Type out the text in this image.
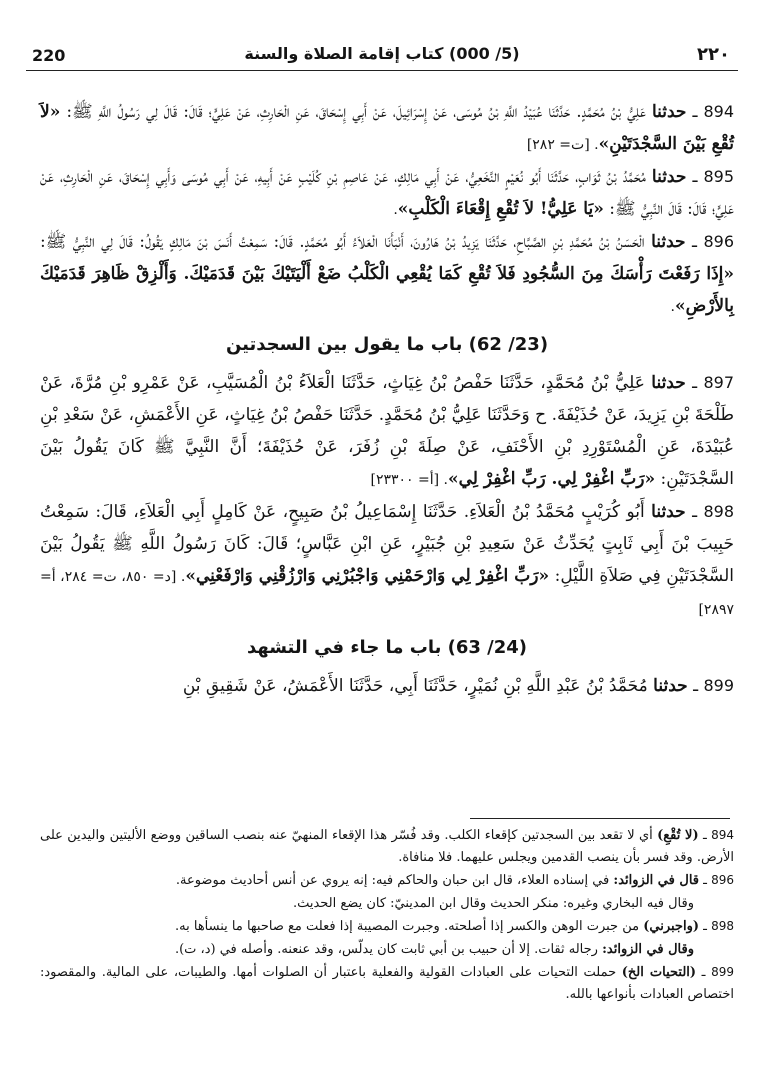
220	(5/ 000) كتاب إقامة الصلاة والسنة	٢٢٠

894 ـ حدثنا عَلِيُّ بْنُ مُحَمَّدٍ. حَدَّثَنَا عُبَيْدُ اللَّهِ بْنُ مُوسَى، عَنْ إِسْرَائِيلَ، عَنْ أَبِي إِسْحَاقَ، عَنِ الْحَارِثِ، عَنْ عَلِيٍّ؛ قَالَ: قَالَ لِي رَسُولُ اللَّهِ ﷺ: «لاَ تُقْعِ بَيْنَ السَّجْدَتَيْنِ». [ت= ٢٨٢]

895 ـ حدثنا مُحَمَّدُ بْنُ ثَوَابٍ، حَدَّثَنَا أَبُو نُعَيْمٍ النَّخَعِيُّ، عَنْ أَبِي مَالِكٍ، عَنْ عَاصِمِ بْنِ كُلَيْبٍ عَنْ أَبِيهِ، عَنْ أَبِي مُوسَى وَأَبِي إِسْحَاقَ، عَنِ الْحَارِثِ، عَنْ عَلِيٍّ؛ قَالَ: قَالَ النَّبِيُّ ﷺ: «يَا عَلِيُّ! لاَ تُقْعِ إِقْعَاءَ الْكَلْبِ».

896 ـ حدثنا الْحَسَنُ بْنُ مُحَمَّدِ بْنِ الصَّبَّاحِ، حَدَّثَنَا يَزِيدُ بْنُ هَارُونَ، أَنْبَأَنَا الْعَلاَءُ أَبُو مُحَمَّدٍ. قَالَ: سَمِعْتُ أَنَسَ بْنَ مَالِكٍ يَقُولُ: قَالَ لِي النَّبِيُّ ﷺ: «إِذَا رَفَعْتَ رَأْسَكَ مِنَ السُّجُودِ فَلاَ تُقْعِ كَمَا يُقْعِي الْكَلْبُ ضَعْ أَلْيَتَيْكَ بَيْنَ قَدَمَيْكَ. وَأَلْزِقْ ظَاهِرَ قَدَمَيْكَ بِالأَرْضِ».

(23/ 62) باب ما يقول بين السجدتين

897 ـ حدثنا عَلِيُّ بْنُ مُحَمَّدٍ، حَدَّثَنَا حَفْصُ بْنُ غِيَاثٍ، حَدَّثَنَا الْعَلاَءُ بْنُ الْمُسَيَّبِ، عَنْ عَمْرِو بْنِ مُرَّةَ، عَنْ طَلْحَةَ بْنِ يَزِيدَ، عَنْ حُذَيْفَةَ. ح وَحَدَّثَنَا عَلِيُّ بْنُ مُحَمَّدٍ. حَدَّثَنَا حَفْصُ بْنُ غِيَاثٍ، عَنِ الأَعْمَشِ، عَنْ سَعْدِ بْنِ عُبَيْدَةَ، عَنِ الْمُسْتَوْرِدِ بْنِ الأَحْنَفِ، عَنْ صِلَةَ بْنِ زُفَرَ، عَنْ حُذَيْفَةَ؛ أَنَّ النَّبِيَّ ﷺ كَانَ يَقُولُ بَيْنَ السَّجْدَتَيْنِ: «رَبِّ اغْفِرْ لِي. رَبِّ اغْفِرْ لِي». [أ= ٢٣٣٠٠]

898 ـ حدثنا أَبُو كُرَيْبٍ مُحَمَّدُ بْنُ الْعَلاَءِ. حَدَّثَنَا إِسْمَاعِيلُ بْنُ صَبِيحٍ، عَنْ كَامِلٍ أَبِي الْعَلاَءِ، قَالَ: سَمِعْتُ حَبِيبَ بْنَ أَبِي ثَابِتٍ يُحَدِّثُ عَنْ سَعِيدِ بْنِ جُبَيْرٍ، عَنِ ابْنِ عَبَّاسٍ؛ قَالَ: كَانَ رَسُولُ اللَّهِ ﷺ يَقُولُ بَيْنَ السَّجْدَتَيْنِ فِي صَلاَةِ اللَّيْلِ: «رَبِّ اغْفِرْ لِي وَارْحَمْنِي وَاجْبُرْنِي وَارْزُقْنِي وَارْفَعْنِي». [د= ٨٥٠، ت= ٢٨٤، أ= ٢٨٩٧]

(24/ 63) باب ما جاء في التشهد

899 ـ حدثنا مُحَمَّدُ بْنُ عَبْدِ اللَّهِ بْنِ نُمَيْرٍ، حَدَّثَنَا أَبِي، حَدَّثَنَا الأَعْمَشُ، عَنْ شَقِيقِ بْنِ

894 ـ (لا تُقْعِ) أي لا تقعد بين السجدتين كإقعاء الكلب. وقد فُسّر هذا الإقعاء المنهيّ عنه بنصب الساقين ووضع الأليتين واليدين على الأرض. وقد فسر بأن ينصب القدمين ويجلس عليهما. فلا منافاة.

896 ـ قال في الزوائد: في إسناده العلاء، قال ابن حبان والحاكم فيه: إنه يروي عن أنس أحاديث موضوعة.

وقال فيه البخاري وغيره: منكر الحديث وقال ابن المدينيّ: كان يضع الحديث.

898 ـ (واجبرني) من جبرت الوهن والكسر إذا أصلحته. وجبرت المصيبة إذا فعلت مع صاحبها ما ينسأها به.

وقال في الزوائد: رجاله ثقات. إلا أن حبيب بن أبي ثابت كان يدلّس، وقد عنعنه. وأصله في (د، ت).

899 ـ (التحيات الخ) حملت التحيات على العبادات القولية والفعلية باعتبار أن الصلوات أمها. والطيبات، على المالية. والمقصود: اختصاص العبادات بأنواعها بالله.
